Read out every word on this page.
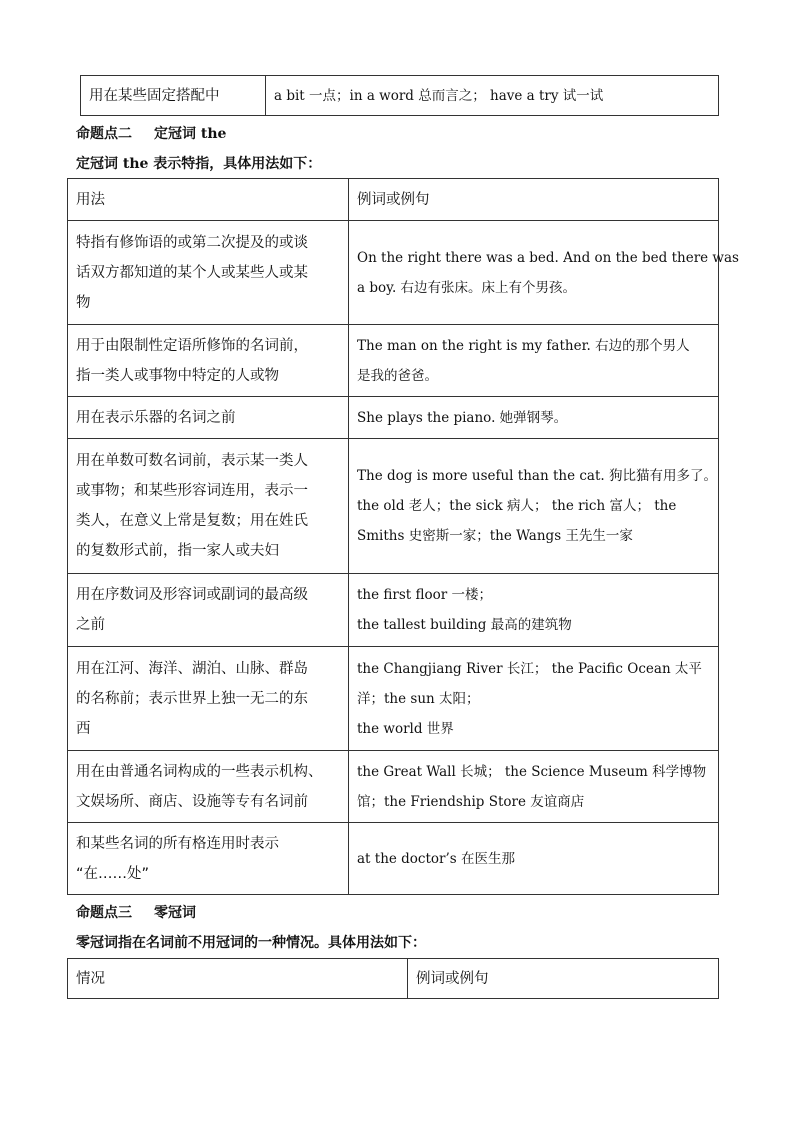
用在某些固定搭配中	a bit 一点；in a word 总而言之； have a try 试一试
命题点二 定冠词 the
定冠词 the 表示特指，具体用法如下：
用法	例词或例句

特指有修饰语的或第二次提及的或谈
话双方都知道的某个人或某些人或某
物	On the right there was a bed. And on the bed there was
a boy. 右边有张床。床上有个男孩。

用于由限制性定语所修饰的名词前，
指一类人或事物中特定的人或物	The man on the right is my father. 右边的那个男人
是我的爸爸。

用在表示乐器的名词之前	She plays the piano. 她弹钢琴。

用在单数可数名词前，表示某一类人
或事物；和某些形容词连用，表示一
类人，在意义上常是复数；用在姓氏
的复数形式前，指一家人或夫妇	The dog is more useful than the cat. 狗比猫有用多了。
the old 老人；the sick 病人； the rich 富人； the
Smiths 史密斯一家；the Wangs 王先生一家

用在序数词及形容词或副词的最高级
之前	the first floor 一楼；
the tallest building 最高的建筑物

用在江河、海洋、湖泊、山脉、群岛
的名称前；表示世界上独一无二的东
西	the Changjiang River 长江； the Pacific Ocean 太平
洋；the sun 太阳；
the world 世界

用在由普通名词构成的一些表示机构、
文娱场所、商店、设施等专有名词前	the Great Wall 长城； the Science Museum 科学博物
馆；the Friendship Store 友谊商店

和某些名词的所有格连用时表示
“在……处”	at the doctor’s 在医生那
命题点三 零冠词
零冠词指在名词前不用冠词的一种情况。具体用法如下：
情况	例词或例句
